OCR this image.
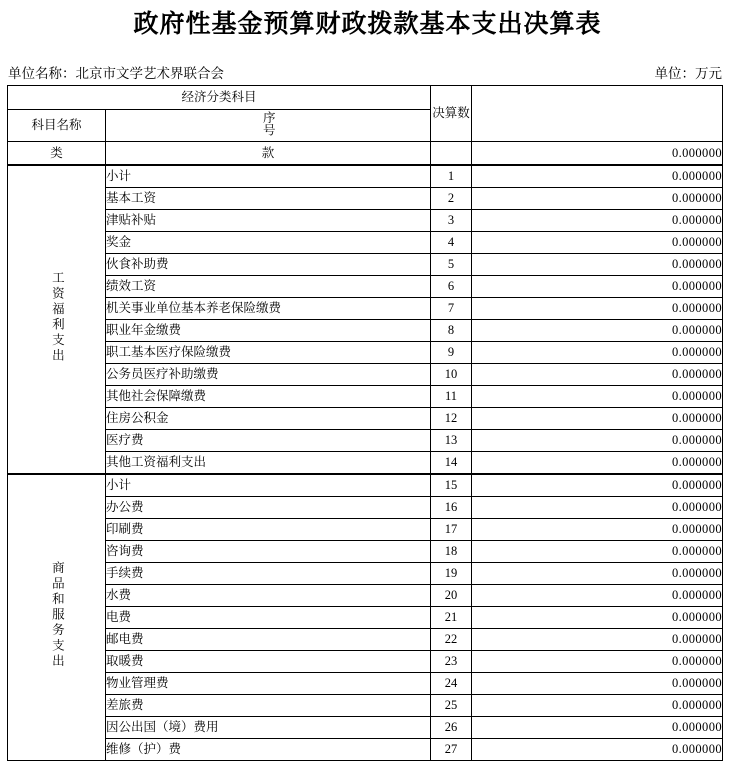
政府性基金预算财政拨款基本支出决算表
单位名称：北京市文学艺术界联合会	单位：万元
经济分类科目		决算数	
科目名称	序号		
类	款		0.000000
工资福利支出	小计	1	0.000000
	基本工资	2	0.000000
	津贴补贴	3	0.000000
	奖金	4	0.000000
	伙食补助费	5	0.000000
	绩效工资	6	0.000000
	机关事业单位基本养老保险缴费	7	0.000000
	职业年金缴费	8	0.000000
	职工基本医疗保险缴费	9	0.000000
	公务员医疗补助缴费	10	0.000000
	其他社会保障缴费	11	0.000000
	住房公积金	12	0.000000
	医疗费	13	0.000000
	其他工资福利支出	14	0.000000
商品和服务支出	小计	15	0.000000
	办公费	16	0.000000
	印刷费	17	0.000000
	咨询费	18	0.000000
	手续费	19	0.000000
	水费	20	0.000000
	电费	21	0.000000
	邮电费	22	0.000000
	取暖费	23	0.000000
	物业管理费	24	0.000000
	差旅费	25	0.000000
	因公出国（境）费用	26	0.000000
	维修（护）费	27	0.000000
